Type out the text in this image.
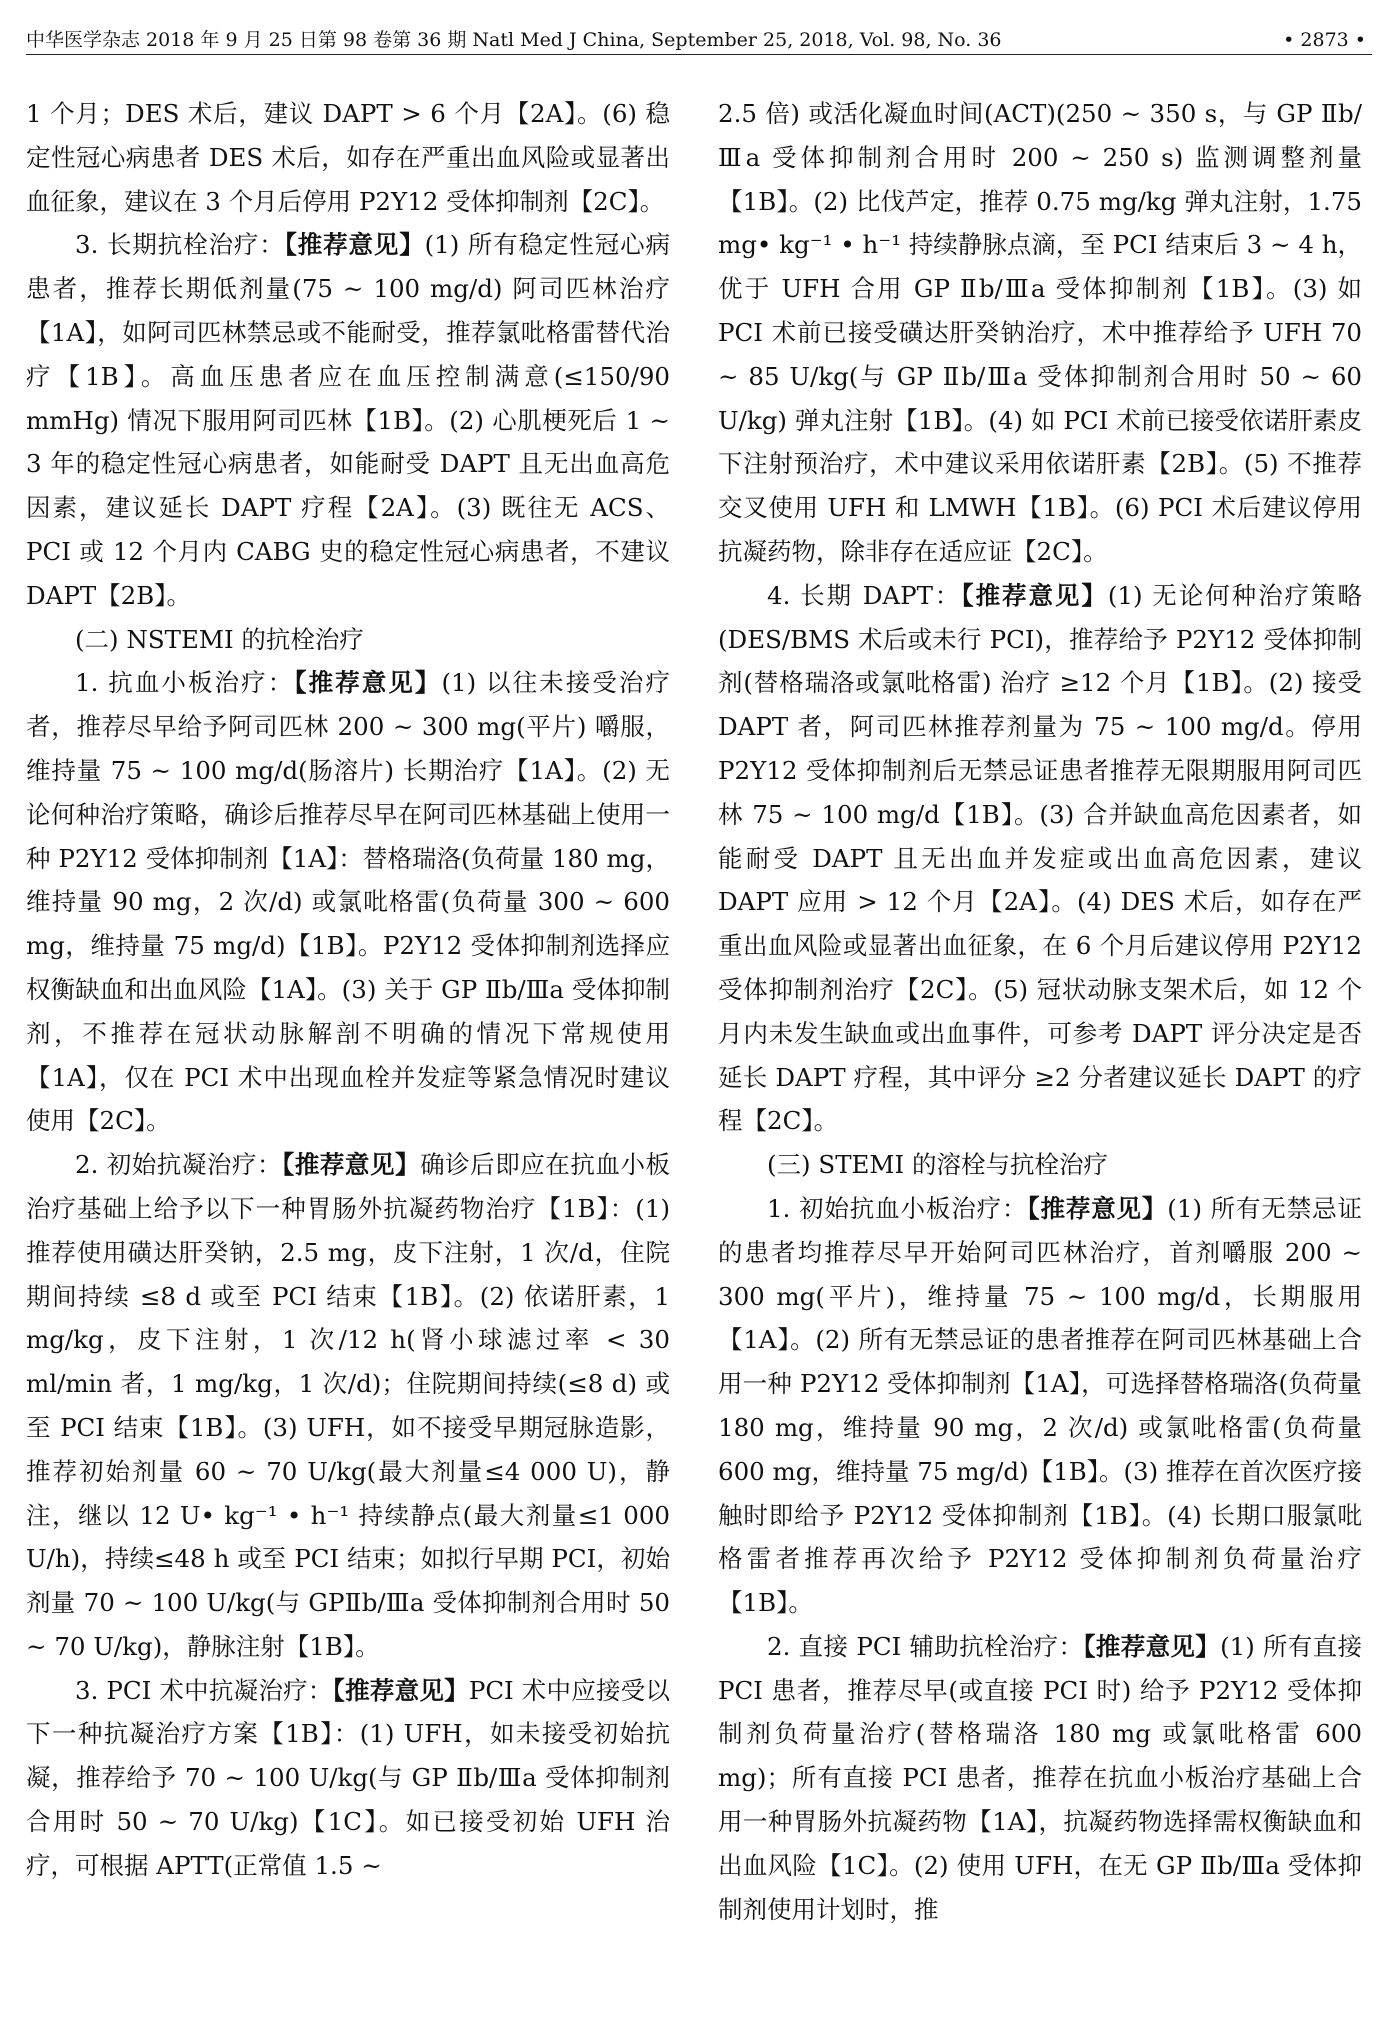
中华医学杂志 2018 年 9 月 25 日第 98 卷第 36 期 Natl Med J China, September 25, 2018, Vol. 98, No. 36	• 2873 •

1 个月；DES 术后，建议 DAPT > 6 个月【2A】。(6) 稳定性冠心病患者 DES 术后，如存在严重出血风险或显著出血征象，建议在 3 个月后停用 P2Y12 受体抑制剂【2C】。

3. 长期抗栓治疗：【推荐意见】(1) 所有稳定性冠心病患者，推荐长期低剂量(75 ~ 100 mg/d) 阿司匹林治疗【1A】，如阿司匹林禁忌或不能耐受，推荐氯吡格雷替代治疗【1B】。高血压患者应在血压控制满意(≤150/90 mmHg) 情况下服用阿司匹林【1B】。(2) 心肌梗死后 1 ~ 3 年的稳定性冠心病患者，如能耐受 DAPT 且无出血高危因素，建议延长 DAPT 疗程【2A】。(3) 既往无 ACS、PCI 或 12 个月内 CABG 史的稳定性冠心病患者，不建议 DAPT【2B】。

(二) NSTEMI 的抗栓治疗

1. 抗血小板治疗：【推荐意见】(1) 以往未接受治疗者，推荐尽早给予阿司匹林 200 ~ 300 mg(平片) 嚼服，维持量 75 ~ 100 mg/d(肠溶片) 长期治疗【1A】。(2) 无论何种治疗策略，确诊后推荐尽早在阿司匹林基础上使用一种 P2Y12 受体抑制剂【1A】：替格瑞洛(负荷量 180 mg，维持量 90 mg，2 次/d) 或氯吡格雷(负荷量 300 ~ 600 mg，维持量 75 mg/d)【1B】。P2Y12 受体抑制剂选择应权衡缺血和出血风险【1A】。(3) 关于 GP Ⅱb/Ⅲa 受体抑制剂，不推荐在冠状动脉解剖不明确的情况下常规使用【1A】，仅在 PCI 术中出现血栓并发症等紧急情况时建议使用【2C】。

2. 初始抗凝治疗：【推荐意见】确诊后即应在抗血小板治疗基础上给予以下一种胃肠外抗凝药物治疗【1B】：(1) 推荐使用磺达肝癸钠，2.5 mg，皮下注射，1 次/d，住院期间持续 ≤8 d 或至 PCI 结束【1B】。(2) 依诺肝素，1 mg/kg，皮下注射，1 次/12 h(肾小球滤过率 < 30 ml/min 者，1 mg/kg，1 次/d)；住院期间持续(≤8 d) 或至 PCI 结束【1B】。(3) UFH，如不接受早期冠脉造影，推荐初始剂量 60 ~ 70 U/kg(最大剂量≤4 000 U)，静注，继以 12 U• kg⁻¹ • h⁻¹ 持续静点(最大剂量≤1 000 U/h)，持续≤48 h 或至 PCI 结束；如拟行早期 PCI，初始剂量 70 ~ 100 U/kg(与 GPⅡb/Ⅲa 受体抑制剂合用时 50 ~ 70 U/kg)，静脉注射【1B】。

3. PCI 术中抗凝治疗：【推荐意见】PCI 术中应接受以下一种抗凝治疗方案【1B】：(1) UFH，如未接受初始抗凝，推荐给予 70 ~ 100 U/kg(与 GP Ⅱb/Ⅲa 受体抑制剂合用时 50 ~ 70 U/kg)【1C】。如已接受初始 UFH 治疗，可根据 APTT(正常值 1.5 ~

2.5 倍) 或活化凝血时间(ACT)(250 ~ 350 s，与 GP Ⅱb/Ⅲa 受体抑制剂合用时 200 ~ 250 s) 监测调整剂量【1B】。(2) 比伐芦定，推荐 0.75 mg/kg 弹丸注射，1.75 mg• kg⁻¹ • h⁻¹ 持续静脉点滴，至 PCI 结束后 3 ~ 4 h，优于 UFH 合用 GP Ⅱb/Ⅲa 受体抑制剂【1B】。(3) 如 PCI 术前已接受磺达肝癸钠治疗，术中推荐给予 UFH 70 ~ 85 U/kg(与 GP Ⅱb/Ⅲa 受体抑制剂合用时 50 ~ 60 U/kg) 弹丸注射【1B】。(4) 如 PCI 术前已接受依诺肝素皮下注射预治疗，术中建议采用依诺肝素【2B】。(5) 不推荐交叉使用 UFH 和 LMWH【1B】。(6) PCI 术后建议停用抗凝药物，除非存在适应证【2C】。

4. 长期 DAPT：【推荐意见】(1) 无论何种治疗策略(DES/BMS 术后或未行 PCI)，推荐给予 P2Y12 受体抑制剂(替格瑞洛或氯吡格雷) 治疗 ≥12 个月【1B】。(2) 接受 DAPT 者，阿司匹林推荐剂量为 75 ~ 100 mg/d。停用 P2Y12 受体抑制剂后无禁忌证患者推荐无限期服用阿司匹林 75 ~ 100 mg/d【1B】。(3) 合并缺血高危因素者，如能耐受 DAPT 且无出血并发症或出血高危因素，建议 DAPT 应用 > 12 个月【2A】。(4) DES 术后，如存在严重出血风险或显著出血征象，在 6 个月后建议停用 P2Y12 受体抑制剂治疗【2C】。(5) 冠状动脉支架术后，如 12 个月内未发生缺血或出血事件，可参考 DAPT 评分决定是否延长 DAPT 疗程，其中评分 ≥2 分者建议延长 DAPT 的疗程【2C】。

(三) STEMI 的溶栓与抗栓治疗

1. 初始抗血小板治疗：【推荐意见】(1) 所有无禁忌证的患者均推荐尽早开始阿司匹林治疗，首剂嚼服 200 ~ 300 mg(平片)，维持量 75 ~ 100 mg/d，长期服用【1A】。(2) 所有无禁忌证的患者推荐在阿司匹林基础上合用一种 P2Y12 受体抑制剂【1A】，可选择替格瑞洛(负荷量 180 mg，维持量 90 mg，2 次/d) 或氯吡格雷(负荷量 600 mg，维持量 75 mg/d)【1B】。(3) 推荐在首次医疗接触时即给予 P2Y12 受体抑制剂【1B】。(4) 长期口服氯吡格雷者推荐再次给予 P2Y12 受体抑制剂负荷量治疗【1B】。

2. 直接 PCI 辅助抗栓治疗：【推荐意见】(1) 所有直接 PCI 患者，推荐尽早(或直接 PCI 时) 给予 P2Y12 受体抑制剂负荷量治疗(替格瑞洛 180 mg 或氯吡格雷 600 mg)；所有直接 PCI 患者，推荐在抗血小板治疗基础上合用一种胃肠外抗凝药物【1A】，抗凝药物选择需权衡缺血和出血风险【1C】。(2) 使用 UFH，在无 GP Ⅱb/Ⅲa 受体抑制剂使用计划时，推
